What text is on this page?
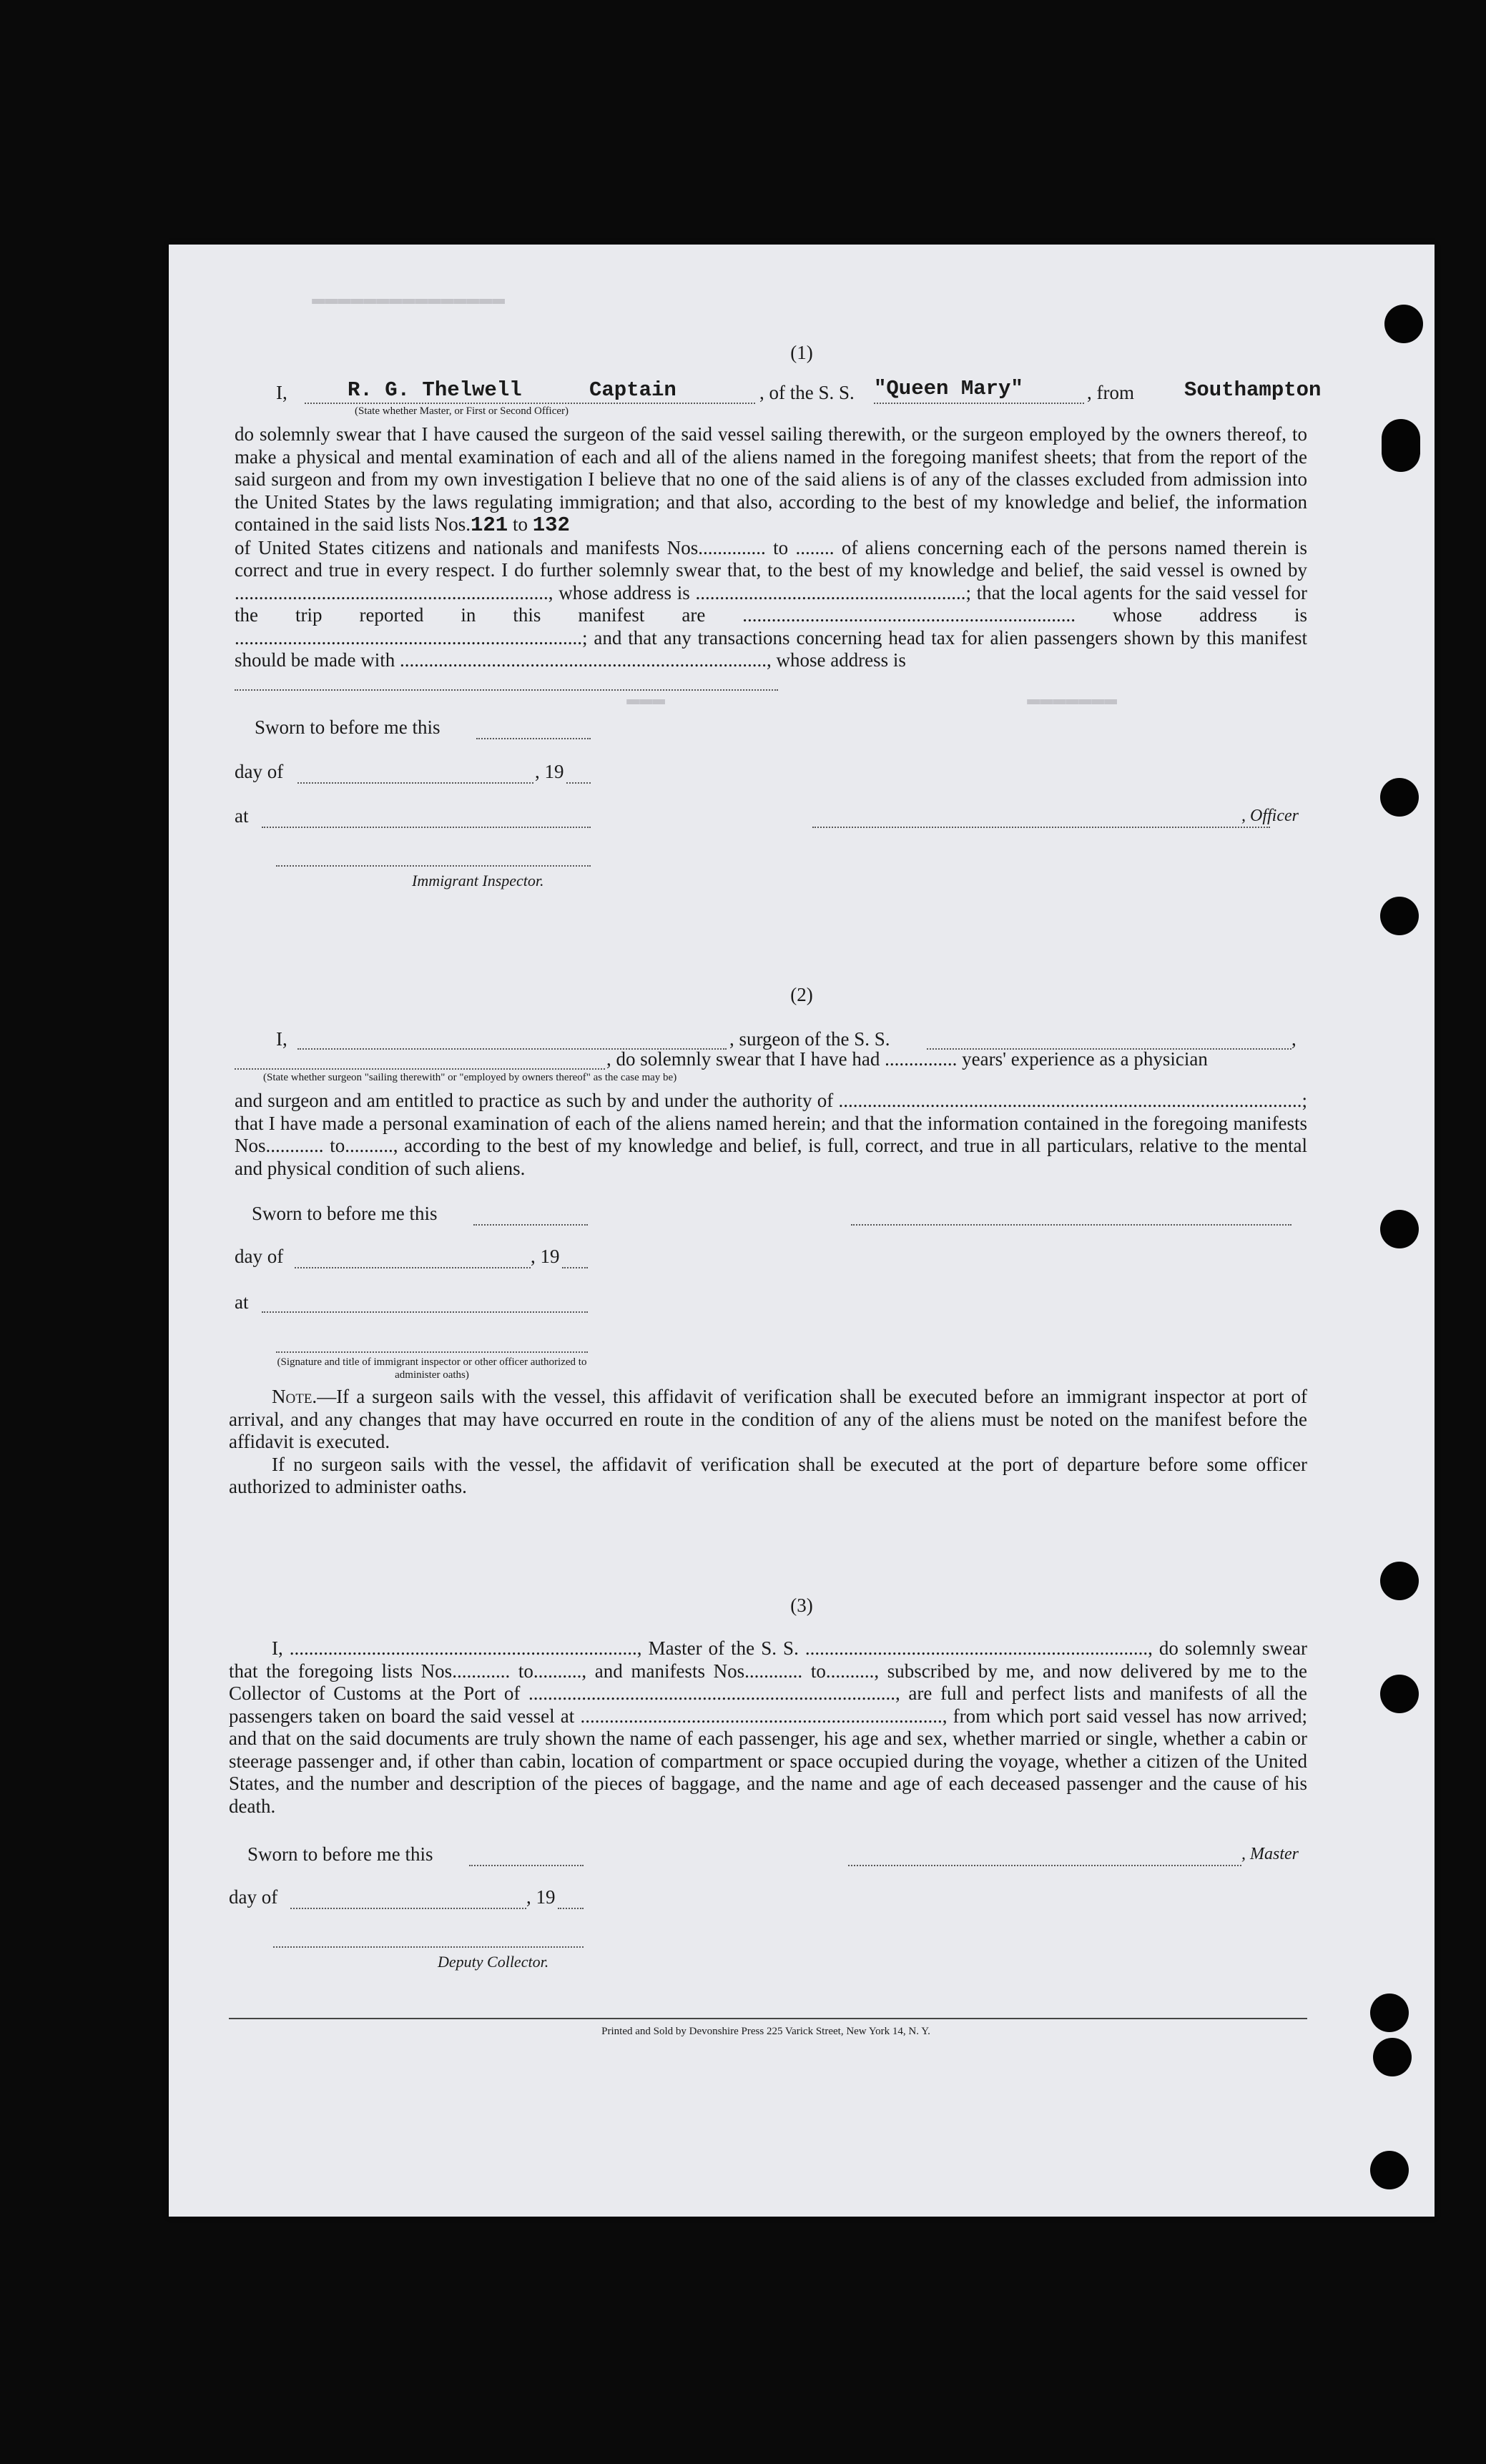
▬▬▬▬▬▬▬▬▬▬▬▬▬▬▬
▬▬▬	▬▬▬▬▬▬▬
(1)
I,	R. G. Thelwell	Captain	, of the S. S. "Queen Mary"	, from Southampton
(State whether Master, or First or Second Officer)

do solemnly swear that I have caused the surgeon of the said vessel sailing therewith, or the surgeon employed by the owners thereof, to make a physical and mental examination of each and all of the aliens named in the foregoing manifest sheets; that from the report of the said surgeon and from my own investigation I believe that no one of the said aliens is of any of the classes excluded from admission into the United States by the laws regulating immigration; and that also, according to the best of my knowledge and belief, the information contained in the said lists Nos.121 to 132

of United States citizens and nationals and manifests Nos.............. to ........ of aliens concerning each of the persons named therein is correct and true in every respect. I do further solemnly swear that, to the best of my knowledge and belief, the said vessel is owned by ................................................................., whose address is ........................................................; that the local agents for the said vessel for the trip reported in this manifest are ..................................................................... whose address is ........................................................................; and that any transactions concerning head tax for alien passengers shown by this manifest should be made with ............................................................................, whose address is

Sworn to before me this
day of	, 19
at	, Officer
Immigrant Inspector.
(2)
I,	, surgeon of the S. S.	,
, do solemnly swear that I have had ............... years' experience as a physician
(State whether surgeon "sailing therewith" or "employed by owners thereof" as the case may be)

and surgeon and am entitled to practice as such by and under the authority of ................................................................................................; that I have made a personal examination of each of the aliens named herein; and that the information contained in the foregoing manifests Nos............ to.........., according to the best of my knowledge and belief, is full, correct, and true in all particulars, relative to the mental and physical condition of such aliens.

Sworn to before me this
day of	, 19
at
(Signature and title of immigrant inspector or other officer authorized to administer oaths)

Note.—If a surgeon sails with the vessel, this affidavit of verification shall be executed before an immigrant inspector at port of arrival, and any changes that may have occurred en route in the condition of any of the aliens must be noted on the manifest before the affidavit is executed.

If no surgeon sails with the vessel, the affidavit of verification shall be executed at the port of departure before some officer authorized to administer oaths.

(3)

I, ........................................................................, Master of the S. S. ......................................................................., do solemnly swear that the foregoing lists Nos............ to.........., and manifests Nos............ to.........., subscribed by me, and now delivered by me to the Collector of Customs at the Port of ............................................................................, are full and perfect lists and manifests of all the passengers taken on board the said vessel at ..........................................................................., from which port said vessel has now arrived; and that on the said documents are truly shown the name of each passenger, his age and sex, whether married or single, whether a cabin or steerage passenger and, if other than cabin, location of compartment or space occupied during the voyage, whether a citizen of the United States, and the number and description of the pieces of baggage, and the name and age of each deceased passenger and the cause of his death.

Sworn to before me this	, Master
day of	, 19
Deputy Collector.
Printed and Sold by Devonshire Press 225 Varick Street, New York 14, N. Y.
